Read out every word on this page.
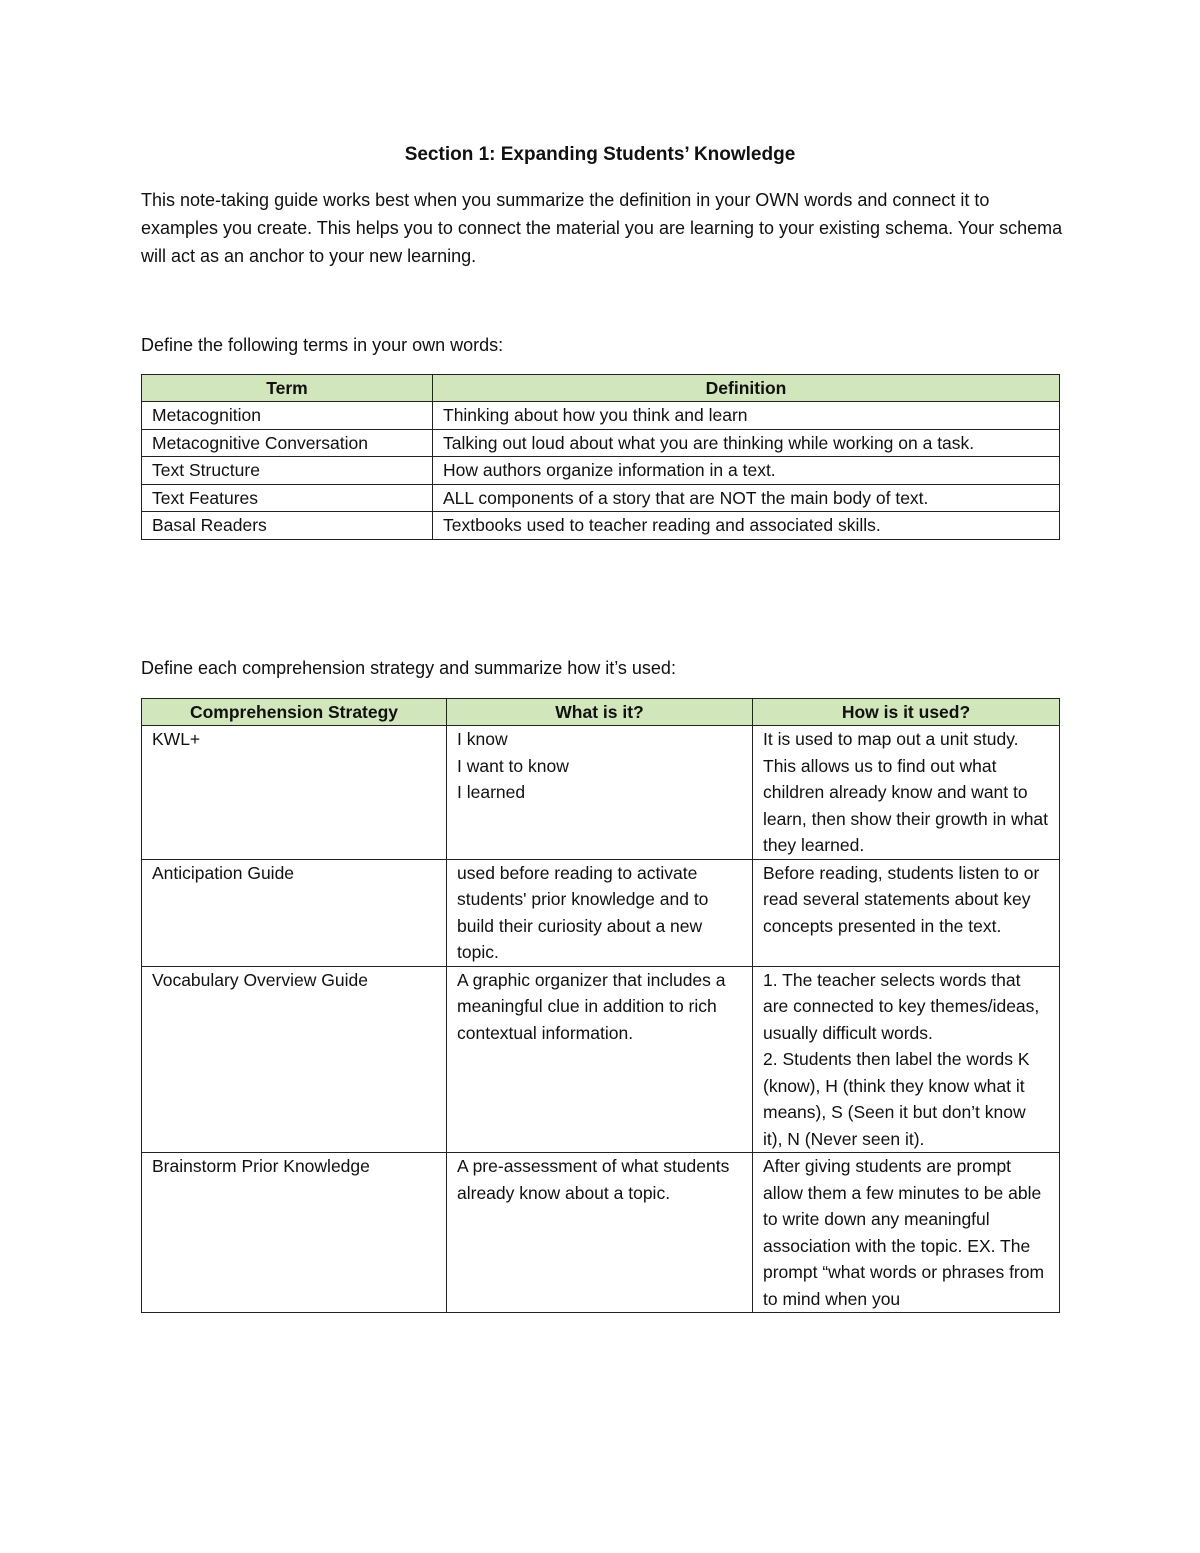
Section 1: Expanding Students’ Knowledge
This note-taking guide works best when you summarize the definition in your OWN words and connect it to examples you create. This helps you to connect the material you are learning to your existing schema. Your schema will act as an anchor to your new learning.
Define the following terms in your own words:
Term	Definition
Metacognition	Thinking about how you think and learn
Metacognitive Conversation	Talking out loud about what you are thinking while working on a task.
Text Structure	How authors organize information in a text.
Text Features	ALL components of a story that are NOT the main body of text.
Basal Readers	Textbooks used to teacher reading and associated skills.
Define each comprehension strategy and summarize how it’s used:
Comprehension Strategy	What is it?	How is it used?
KWL+	I know
I want to know
I learned	It is used to map out a unit study. This allows us to find out what children already know and want to learn, then show their growth in what they learned.

Anticipation Guide	used before reading to activate students' prior knowledge and to build their curiosity about a new topic.	Before reading, students listen to or read several statements about key concepts presented in the text.

Vocabulary Overview Guide	A graphic organizer that includes a meaningful clue in addition to rich contextual information.	1. The teacher selects words that are connected to key themes/ideas, usually difficult words.
2. Students then label the words K (know), H (think they know what it means), S (Seen it but don’t know it), N (Never seen it).

Brainstorm Prior Knowledge	A pre-assessment of what students already know about a topic.	After giving students are prompt allow them a few minutes to be able to write down any meaningful association with the topic. EX. The prompt “what words or phrases from to mind when you
